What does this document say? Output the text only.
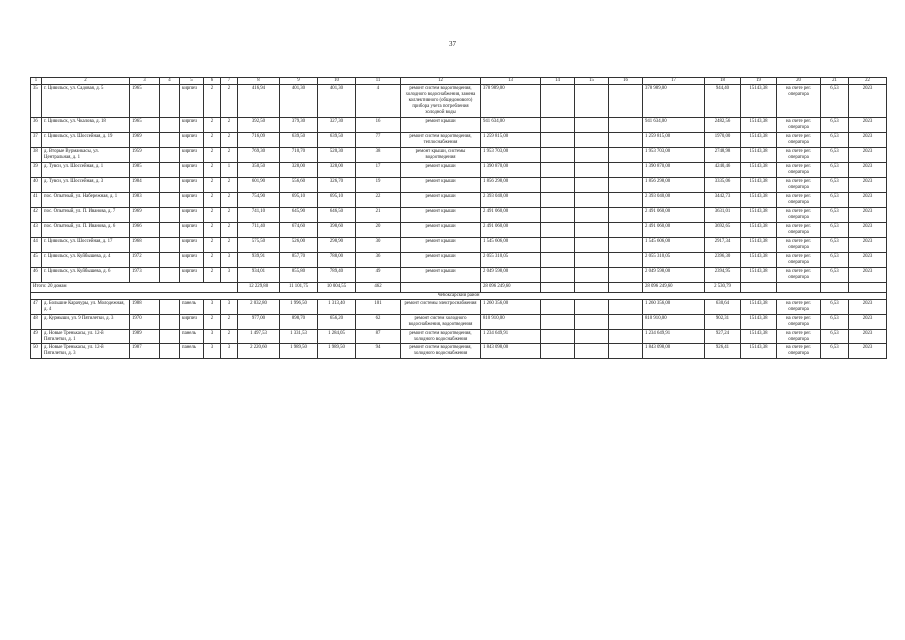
37
1	2	3	4	5	6	7	8	9	10	11	12	13	14	15	16	17	18	19	20	21	22
35	г. Цивильск, ул. Садовая, д. 5	1965		кирпич	2	2	416,94	401,30	401,30	4	ремонт систем водоотведения, холодного водоснабжения, замена коллективного (общедомового) прибора учета потребления холодной воды	378 989,00				378 989,00	944,40	15143,38	на счете рег. оператора	6,53	2023
36	г. Цивильск, ул. Чкалова, д. 18	1965		кирпич	2	2	392,50	379,30	327,30	16	ремонт крыши	941 634,00				941 634,00	2482,56	15143,38	на счете рег. оператора	6,53	2023
37	г. Цивильск, ул. Шоссейная, д. 19	1969		кирпич	2	2	716,09	639,50	639,50	77	ремонт систем водоотведения, теплоснабжения	1 259 815,00				1 259 815,00	1970,00	15143,38	на счете рег. оператора	6,53	2023
38	д. Вторые Вурманкасы, ул. Центральная, д. 1	1959		кирпич	2	2	769,30	710,70	520,30	38	ремонт крыши, системы водоотведения	1 953 703,00				1 953 703,00	2748,98	15143,38	на счете рег. оператора	6,53	2023
39	д. Тувси, ул. Шоссейная, д. 1	1985		кирпич	2	1	350,50	328,00	328,00	17	ремонт крыши	1 390 870,00				1 390 870,00	4240,46	15143,38	на счете рег. оператора	6,53	2023
40	д. Тувси, ул. Шоссейная, д. 3	1984		кирпич	2	2	601,90	556,60	326,70	19	ремонт крыши	1 856 298,00				1 856 298,00	3335,06	15143,38	на счете рег. оператора	6,53	2023
41	пос. Опытный, ул. Набережная, д. 1	1983		кирпич	2	2	754,90	695,10	695,10	22	ремонт крыши	2 393 040,00				2 393 040,00	3442,73	15143,38	на счете рег. оператора	6,53	2023
42	пос. Опытный, ул. П. Иванова, д. 7	1969		кирпич	2	2	741,10	645,90	646,50	21	ремонт крыши	2 491 060,00				2 491 060,00	3631,01	15143,38	на счете рег. оператора	6,53	2023
43	пос. Опытный, ул. П. Иванова, д. 6	1966		кирпич	2	2	711,40	674,60	398,60	20	ремонт крыши	2 491 060,00				2 491 060,00	3692,65	15143,38	на счете рег. оператора	6,53	2023
44	г. Цивильск, ул. Шоссейная, д. 17	1968		кирпич	2	2	575,50	526,00	298,90	30	ремонт крыши	1 545 606,00				1 545 606,00	2917,34	15143,38	на счете рег. оператора	6,53	2023
45	г. Цивильск, ул. Куйбышева, д. 4	1972		кирпич	2	3	939,91	857,70	788,00	36	ремонт крыши	2 055 310,05				2 055 310,05	2396,30	15143,38	на счете рег. оператора	6,53	2023
46	г. Цивильск, ул. Куйбышева, д. 6	1973		кирпич	2	3	934,01	855,80	789,40	49	ремонт крыши	2 049 598,00				2 049 598,00	2394,95	15143,38	на счете рег. оператора	6,53	2023
Итого: 20 домам							12 229,80	11 101,75	10 004,55	462		28 096 249,60				28 096 249,60	2 530,79				
Чебоксарский район																					
47	д. Большие Карачуры, ул. Молодежная, д. 4	1988		панель	3	3	2 032,80	1 996,50	1 313,40	101	ремонт системы электроснабжения	1 260 356,00				1 260 356,00	630,64	15143,38	на счете рег. оператора	6,53	2023
48	д. Курмыши, ул. 9 Пятилетки, д. 3	1970		кирпич	2	2	977,00	898,70	656,20	62	ремонт систем холодного водоснабжения, водоотведения	810 910,00				810 910,00	902,31	15143,38	на счете рег. оператора	6,53	2023
49	д. Новые Тренькасы, ул. 12-й Пятилетки, д. 1	1989		панель	3	2	1 497,53	1 331,53	1 284,05	87	ремонт систем водоотведения, холодного водоснабжения	1 234 649,91				1 234 649,91	927,24	15143,38	на счете рег. оператора	6,53	2023
50	д. Новые Тренькасы, ул. 12-й Пятилетки, д. 3	1987		панель	3	3	2 220,60	1 989,50	1 989,50	94	ремонт систем водоотведения, холодного водоснабжения	1 843 098,00				1 843 098,00	926,41	15143,38	на счете рег. оператора	6,53	2023
